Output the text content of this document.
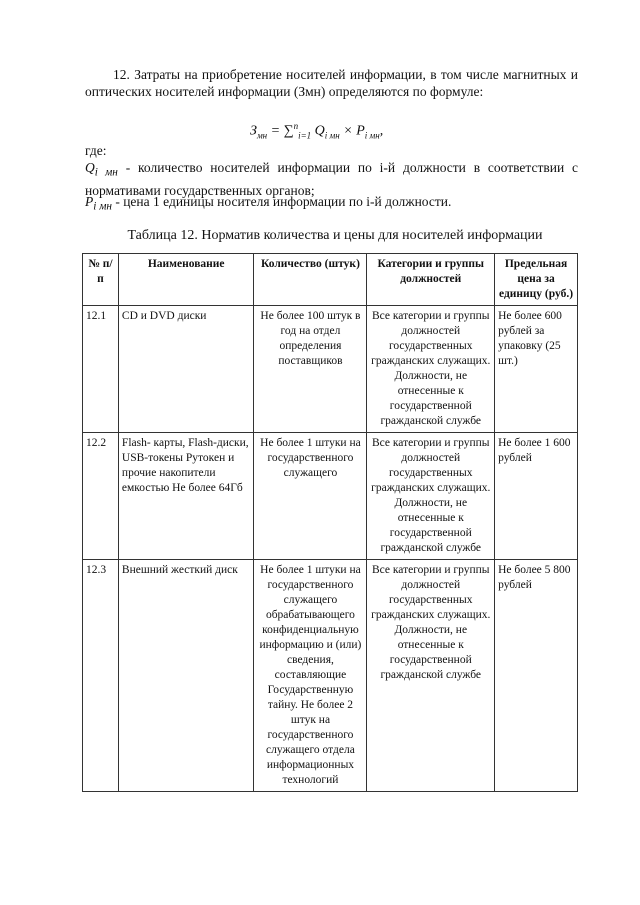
12. Затраты на приобретение носителей информации, в том числе магнитных и оптических носителей информации (Змн) определяются по формуле:
$З_{мн} = \sum^n_{i=1}$ $Q_{i мн} \times P_{i мн}$,
где:
$Q_{i мн}$ - количество носителей информации по i-й должности в соответствии с нормативами государственных органов;
$P_{i мн}$ - цена 1 единицы носителя информации по i-й должности.
Таблица 12. Норматив количества и цены для носителей информации
№ п/п	Наименование	Количество (штук)	Категории и группы должностей	Предельная цена за единицу (руб.)
12.1	CD и DVD диски	Не более 100 штук в год на отдел определения поставщиков	Все категории и группы должностей государственных гражданских служащих. Должности, не отнесенные к государственной гражданской службе	Не более 600 рублей за упаковку (25 шт.)
12.2	Flash- карты, Flash-диски, USB-токены Рутокен и прочие накопители емкостью Не более 64Гб	Не более 1 штуки на государственного служащего	Все категории и группы должностей государственных гражданских служащих. Должности, не отнесенные к государственной гражданской службе	Не более 1 600 рублей
12.3	Внешний жесткий диск	Не более 1 штуки на государственного служащего обрабатывающего конфиденциальную информацию и (или) сведения, составляющие Государственную тайну. Не более 2 штук на государственного служащего отдела информационных технологий	Все категории и группы должностей государственных гражданских служащих. Должности, не отнесенные к государственной гражданской службе	Не более 5 800 рублей
